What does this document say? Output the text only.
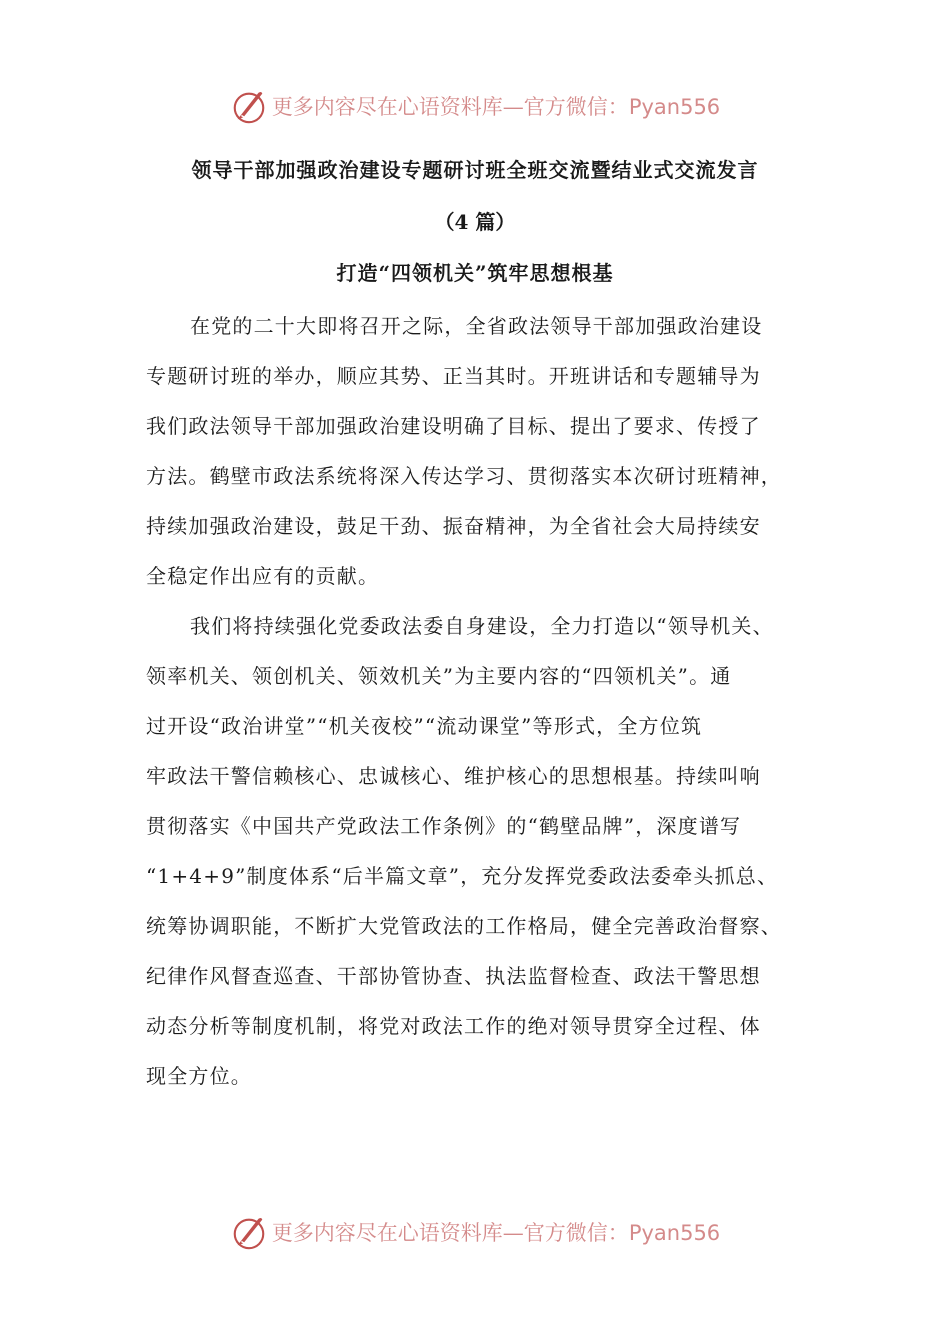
更多内容尽在心语资料库—官方微信：Pyan556
领导干部加强政治建设专题研讨班全班交流暨结业式交流发言
（4 篇）
打造“四领机关”筑牢思想根基
在党的二十大即将召开之际，全省政法领导干部加强政治建设
专题研讨班的举办，顺应其势、正当其时。开班讲话和专题辅导为
我们政法领导干部加强政治建设明确了目标、提出了要求、传授了
方法。鹤壁市政法系统将深入传达学习、贯彻落实本次研讨班精神，
持续加强政治建设，鼓足干劲、振奋精神，为全省社会大局持续安
全稳定作出应有的贡献。
我们将持续强化党委政法委自身建设，全力打造以“领导机关、
领率机关、领创机关、领效机关”为主要内容的“四领机关”。通
过开设“政治讲堂”“机关夜校”“流动课堂”等形式，全方位筑
牢政法干警信赖核心、忠诚核心、维护核心的思想根基。持续叫响
贯彻落实《中国共产党政法工作条例》的“鹤壁品牌”，深度谱写
“1+4+9”制度体系“后半篇文章”，充分发挥党委政法委牵头抓总、
统筹协调职能，不断扩大党管政法的工作格局，健全完善政治督察、
纪律作风督查巡查、干部协管协查、执法监督检查、政法干警思想
动态分析等制度机制，将党对政法工作的绝对领导贯穿全过程、体
现全方位。
更多内容尽在心语资料库—官方微信：Pyan556
